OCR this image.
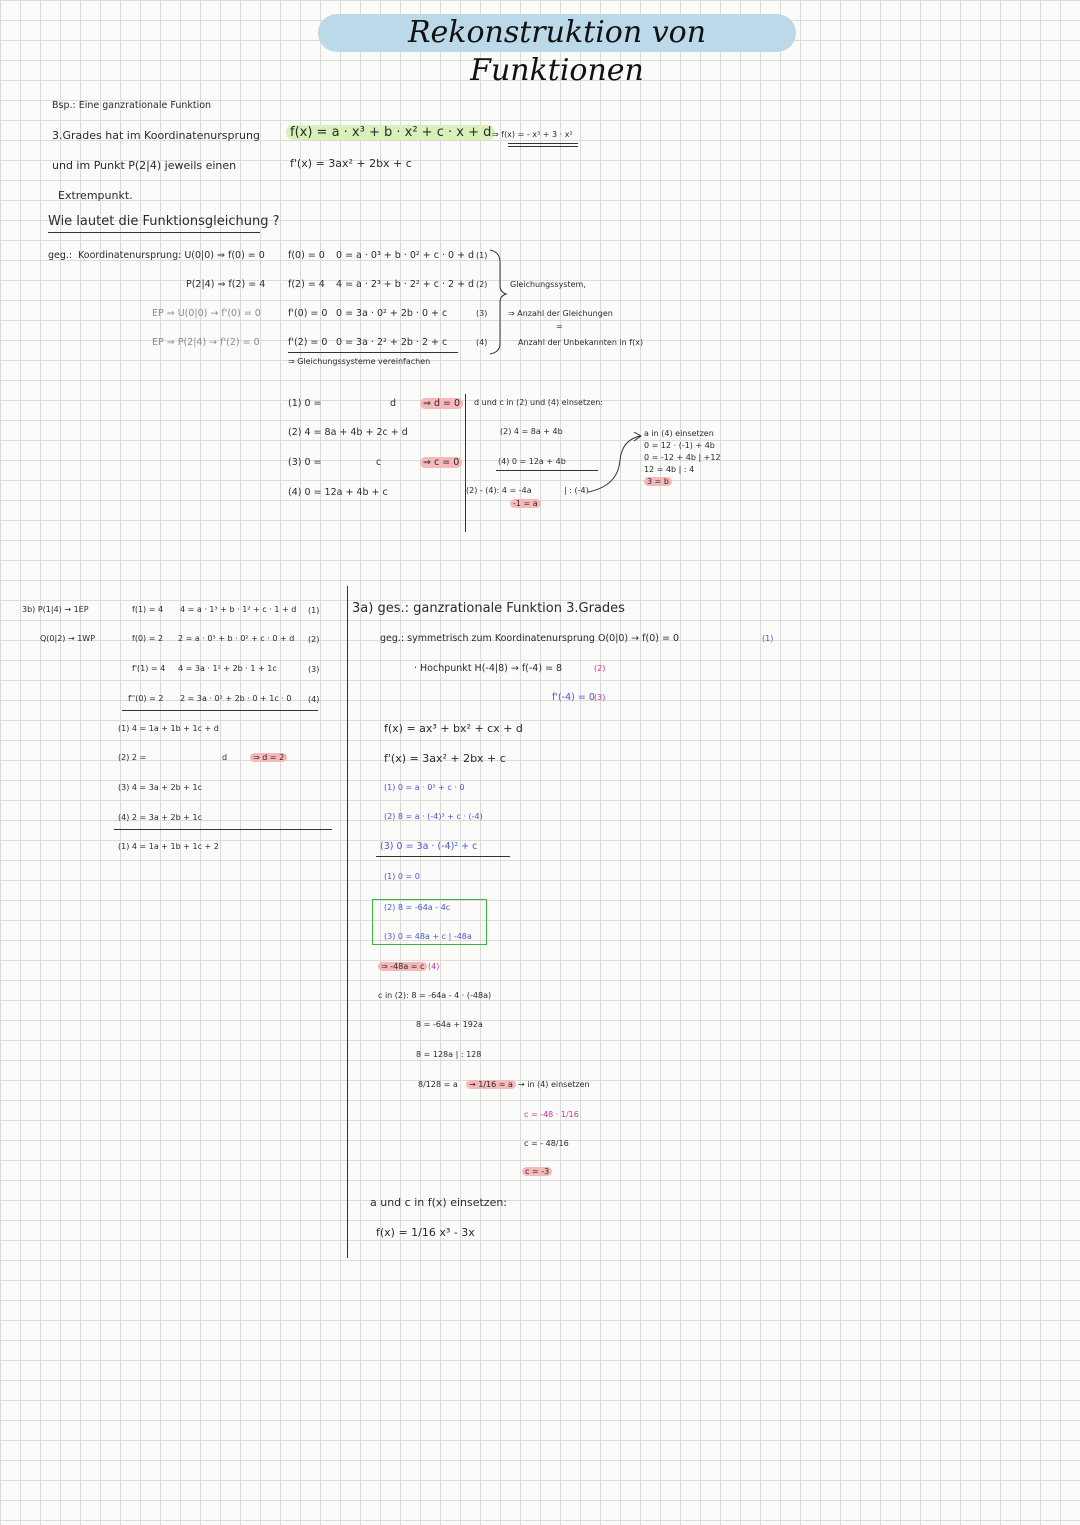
Rekonstruktion von Funktionen
Bsp.: Eine ganzrationale Funktion
3.Grades hat im Koordinatenursprung
und im Punkt P(2|4) jeweils einen
Extrempunkt.
Wie lautet die Funktionsgleichung ?
f(x) = a · x³ + b · x² + c · x + d ⇒ f(x) = - x³ + 3 · x²
f'(x) = 3ax² + 2bx + c
geg.: Koordinatenursprung: U(0|0) ⇒ f(0) = 0
P(2|4) ⇒ f(2) = 4
EP ⇒ U(0|0) → f'(0) = 0
EP ⇒ P(2|4) → f'(2) = 0
f(0) = 0 0 = a · 0³ + b · 0² + c · 0 + d (1)
f(2) = 4 4 = a · 2³ + b · 2² + c · 2 + d (2)
f'(0) = 0 0 = 3a · 0² + 2b · 0 + c	(3)
f'(2) = 0 0 = 3a · 2² + 2b · 2 + c	(4)
⇒ Gleichungssysteme vereinfachen
Gleichungssystem,
⇒ Anzahl der Gleichungen
=
Anzahl der Unbekannten in f(x)
(1) 0 =	d	⇒ d = 0
(2) 4 = 8a + 4b + 2c + d
(3) 0 =	c	⇒ c = 0
(4) 0 = 12a + 4b + c
d und c in (2) und (4) einsetzen:
(2) 4 = 8a + 4b
(4) 0 = 12a + 4b
(2) - (4): 4 = -4a	| : (-4)
-1 = a
a in (4) einsetzen
0 = 12 · (-1) + 4b
0 = -12 + 4b | +12
12 = 4b | : 4
3 = b
3b) P(1|4) → 1EP
Q(0|2) → 1WP
f(1) = 4 4 = a · 1³ + b · 1² + c · 1 + d (1)
f(0) = 2 2 = a · 0³ + b · 0² + c · 0 + d (2)
f'(1) = 4 4 = 3a · 1² + 2b · 1 + 1c	(3)
f''(0) = 2 2 = 3a · 0² + 2b · 0 + 1c · 0 (4)
(1) 4 = 1a + 1b + 1c + d
(2) 2 =	d	⇒ d = 2
(3) 4 = 3a + 2b + 1c
(4) 2 = 3a + 2b + 1c
(1) 4 = 1a + 1b + 1c + 2
3a) ges.: ganzrationale Funktion 3.Grades
geg.: symmetrisch zum Koordinatenursprung O(0|0) → f(0) = 0	(1)
· Hochpunkt H(-4|8) → f(-4) = 8	(2)
f'(-4) = 0 (3)
f(x) = ax³ + bx² + cx + d
f'(x) = 3ax² + 2bx + c
(1) 0 = a · 0³ + c · 0
(2) 8 = a · (-4)³ + c · (-4)
(3) 0 = 3a · (-4)² + c
(1) 0 = 0
(2) 8 = -64a - 4c
(3) 0 = 48a + c | -48a
⇒ -48a = c (4)
c in (2): 8 = -64a - 4 · (-48a)
8 = -64a + 192a
8 = 128a | : 128
8/128 = a	→ 1/16 = a → in (4) einsetzen
c = -48 · 1/16
c = - 48/16
c = -3
a und c in f(x) einsetzen:
f(x) = 1/16 x³ - 3x
